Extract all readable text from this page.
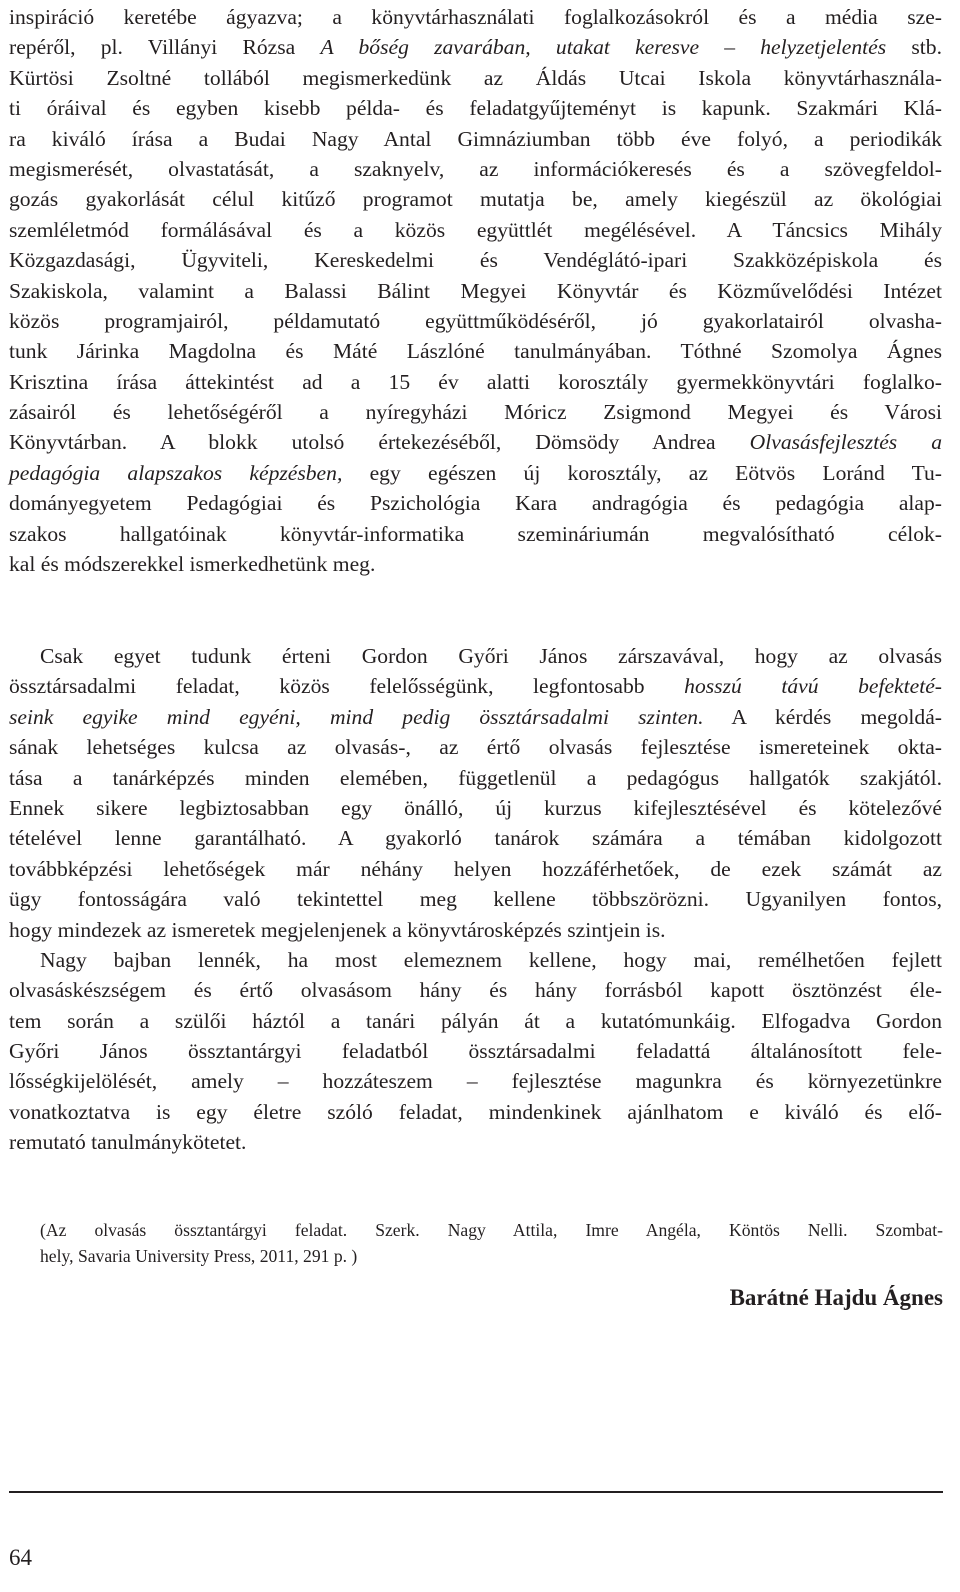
inspiráció keretébe ágyazva; a könyvtárhasználati foglalkozásokról és a média sze-
repéről, pl. Villányi Rózsa A bőség zavarában, utakat keresve – helyzetjelentés stb.
Kürtösi Zsoltné tollából megismerkedünk az Áldás Utcai Iskola könyvtárhasználа-
ti óráival és egyben kisebb példa- és feladatgyűjteményt is kapunk. Szakmári Klá-
ra kiváló írása a Budai Nagy Antal Gimnáziumban több éve folyó, a periodikák
megismerését, olvastatását, a szaknyelv, az információkeresés és a szövegfeldol-
gozás gyakorlását célul kitűző programot mutatja be, amely kiegészül az ökológiai
szemléletmód formálásával és a közös együttlét megélésével. A Táncsics Mihály
Közgazdasági, Ügyviteli, Kereskedelmi és Vendéglátó-ipari Szakközépiskola és
Szakiskola, valamint a Balassi Bálint Megyei Könyvtár és Közművelődési Intézet
közös programjairól, példamutató együttműködéséről, jó gyakorlatairól olvasha-
tunk Járinka Magdolna és Máté Lászlóné tanulmányában. Tóthné Szomolya Ágnes
Krisztina írása áttekintést ad a 15 év alatti korosztály gyermekkönyvtári foglalko-
zásairól és lehetőségéről a nyíregyházi Móricz Zsigmond Megyei és Városi
Könyvtárban. A blokk utolsó értekezéséből, Dömsödy Andrea Olvasásfejlesztés a
pedagógia alapszakos képzésben, egy egészen új korosztály, az Eötvös Loránd Tu-
dományegyetem Pedagógiai és Pszichológia Kara andragógia és pedagógia alap-
szakos hallgatóinak könyvtár-informatika szemináriumán megvalósítható célok-
kal és módszerekkel ismerkedhetünk meg.
Csak egyet tudunk érteni Gordon Győri János zárszavával, hogy az olvasás
össztársadalmi feladat, közös felelősségünk, legfontosabb hosszú távú befektеté-
seink egyike mind egyéni, mind pedig össztársadalmi szinten. A kérdés megoldá-
sának lehetséges kulcsa az olvasás-, az értő olvasás fejlesztése ismereteinek okta-
tása a tanárképzés minden elemében, függetlenül a pedagógus hallgatók szakjától.
Ennek sikere legbiztosabban egy önálló, új kurzus kifejlesztésével és kötelezővé
tételével lenne garantálható. A gyakorló tanárok számára a témában kidolgozott
továbbképzési lehetőségek már néhány helyen hozzáférhetőek, de ezek számát az
ügy fontosságára való tekintettel meg kellene többszörözni. Ugyanilyen fontos,
hogy mindezek az ismeretek megjelenjenek a könyvtárosképzés szintjein is.
Nagy bajban lennék, ha most elemeznem kellene, hogy mai, remélhetően fejlett
olvasáskészségem és értő olvasásom hány és hány forrásból kapott ösztönzést éle-
tem során a szülői háztól a tanári pályán át a kutatómunkáig. Elfogadva Gordon
Győri János össztantárgyi feladatból össztársadalmi feladattá általánosított fele-
lősségkijelölését, amely – hozzáteszem – fejlesztése magunkra és környezetünkre
vonatkoztatva is egy életre szóló feladat, mindenkinek ajánlhatom e kiváló és elő-
remutató tanulmánykötetet.
(Az olvasás össztantárgyi feladat. Szerk. Nagy Attila, Imre Angéla, Köntös Nelli. Szombat-
hely, Savaria University Press, 2011, 291 p. )
Barátné Hajdu Ágnes
64
